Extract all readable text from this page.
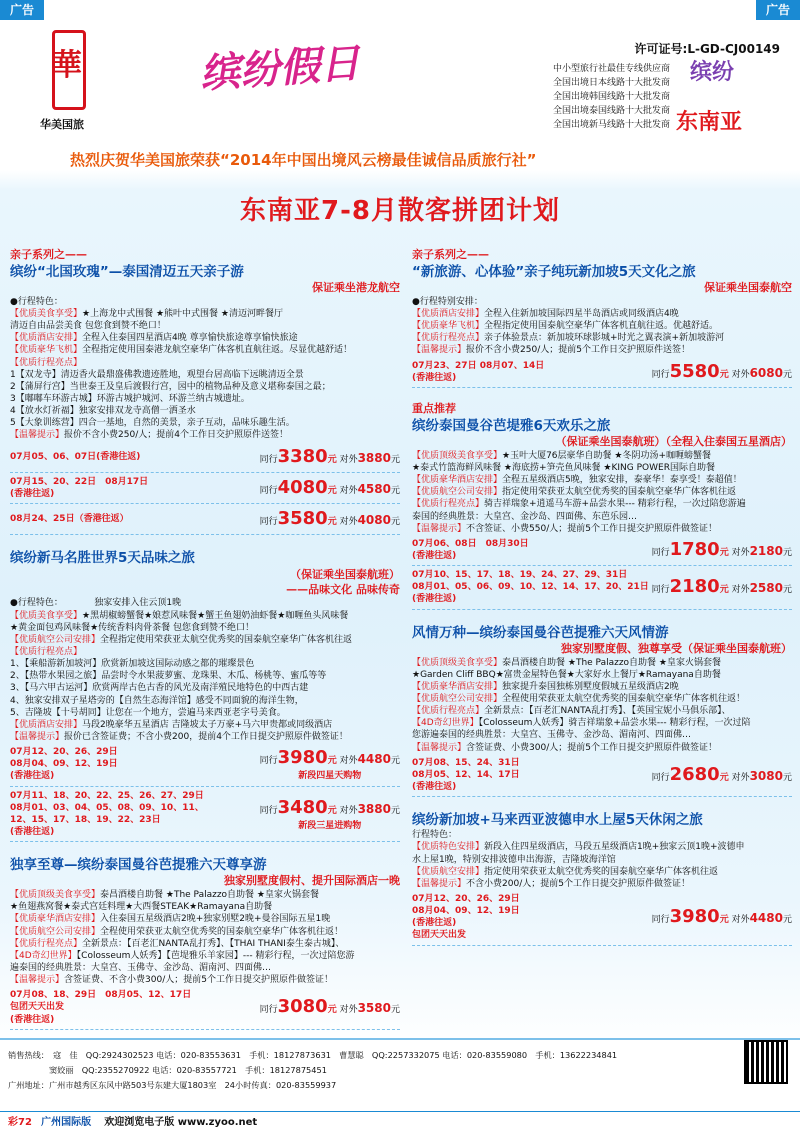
广告	广告
華
华美国旅
缤纷假日	许可证号:L-GD-CJ00149
中小型旅行社最佳专线供应商
全国出境日本线路十大批发商
全国出境韩国线路十大批发商
全国出境泰国线路十大批发商
全国出境新马线路十大批发商
缤纷
东南亚
热烈庆贺华美国旅荣获“2014年中国出境风云榜最佳诚信品质旅行社”
东南亚7-8月散客拼团计划
亲子系列之——
缤纷“北国玫瑰”—泰国清迈五天亲子游
保证乘坐港龙航空
●行程特色：
【优质美食享受】★上海龙中式围餐 ★熊叶中式围餐 ★清迈河畔餐厅
清迈自由品尝美食 包您食到赞不绝口！
【优质酒店安排】全程入住泰国四星酒店4晚 尊享愉快旅途尊享愉快旅途
【优质豪华飞机】全程指定使用国泰港龙航空豪华广体客机直航往返。尽显优越舒适！
【优质行程亮点】
1【双龙寺】清迈香火最鼎盛佛教遗迹胜地，观望台居高临下远眺清迈全景
2【蒲屏行宫】当世泰王及皇后渡假行宫，园中的植物品种及意义堪称泰国之最；
3【嘟嘟车环游古城】环游古城护城河、环游兰纳古城遗址。
4【放水灯祈福】独家安排双龙寺高僧一洒圣水
5【大象训练营】四合一基地，自然的美景，亲子互动，品味乐趣生活。
【温馨提示】报价不含小费250/人；提前4个工作日交护照原件送签！
07月05、06、07日(香港往返)	同行3380元 对外3880元
07月15、20、22日　08月17日
(香港往返)	同行4080元 对外4580元
08月24、25日（香港往返）	同行3580元 对外4080元
缤纷新马名胜世界5天品味之旅
（保证乘坐国泰航班）
——品味文化 品味传奇
●行程特色：　　　　独家安排入住云顶1晚
【优质美食享受】★黑胡椒螃蟹餐★娘惹风味餐★蟹王鱼翅奶油虾餐★咖喱鱼头风味餐
★黄金面包鸡风味餐★传统香料肉骨茶餐 包您食到赞不绝口！
【优质航空公司安排】全程指定使用荣获亚太航空优秀奖的国泰航空豪华广体客机往返
【优质行程亮点】
1、【乘船游新加坡河】欣赏新加坡这国际动感之都的璀璨景色
2、【热带水果园之旅】品尝时令水果菠萝蜜、龙珠果、木瓜、杨桃等、蜜瓜等等
3、【马六甲古运河】欣赏两岸古色古香的风光及南洋殖民地特色的中西古建
4、独家安排双子星塔旁的【自然生态海洋馆】感受不同面貌的海洋生物，
5、吉隆坡【十号胡同】让您在一个地方，尝遍马来西亚老字号美食。
【优质酒店安排】马段2晚豪华五星酒店 吉隆坡太子万豪+马六甲贵都或同级酒店
【温馨提示】报价已含签证费；不含小费200，提前4个工作日提交护照原件做签证！
07月12、20、26、29日
08月04、09、12、19日
(香港往返)
同行3980元 对外4480元
新段四星天购物
07月11、18、20、22、25、26、27、29日
08月01、03、04、05、08、09、10、11、
12、15、17、18、19、22、23日
(香港往返)
同行3480元 对外3880元
新段三星进购物
独享至尊—缤纷泰国曼谷芭提雅六天尊享游
独家别墅度假村、提升国际酒店一晚
【优质顶级美食享受】泰昌酒楼自助餐 ★The Palazzo自助餐 ★皇家火锅套餐
★鱼翅燕窝餐★泰式宫廷料理★大西餐STEAK★Ramayana自助餐
【优质豪华酒店安排】入住泰国五星级酒店2晚+独家别墅2晚+曼谷国际五星1晚
【优质航空公司安排】全程使用荣获亚太航空优秀奖的国泰航空豪华广体客机往返！
【优质行程亮点】全新景点：【百老汇NANTA乱打秀】、【THAI THANI泰生泰古城】、
【4D奇幻世界】【Colosseum人妖秀】【芭堤雅乐羊家园】--- 精彩行程，一次过陪您游
遍泰国的经典胜景：大皇宫、玉佛寺、金沙岛、湄南河、四面佛…
【温馨提示】含签证费、不含小费300/人；提前5个工作日提交护照原件做签证！
07月08、18、29日　08月05、12、17日
包团天天出发
(香港往返)
同行3080元 对外3580元
亲子系列之——
“新旅游、心体验”亲子纯玩新加坡5天文化之旅
保证乘坐国泰航空
●行程特别安排：
【优质酒店安排】全程入住新加坡国际四星半岛酒店或同级酒店4晚
【优质豪华飞机】全程指定使用国泰航空豪华广体客机直航往返。优越舒适。
【优质行程亮点】亲子体验景点：新加坡环球影城+时光之翼表演+新加坡游河
【温馨提示】报价不含小费250/人；提前5个工作日交护照原件送签！
07月23、27日 08月07、14日
(香港往返)	同行5580元 对外6080元
重点推荐
缤纷泰国曼谷芭堤雅6天欢乐之旅
（保证乘坐国泰航班）（全程入住泰国五星酒店）
【优质顶级美食享受】★玉叶大厦76层豪华自助餐 ★冬阴功汤+咖喱螃蟹餐
★泰式竹篮海鲜风味餐 ★海底捞+笋壳鱼风味餐 ★KING POWER国际自助餐
【优质豪华酒店安排】全程五星级酒店5晚，独家安排，泰豪华！泰享受！泰超值！
【优质航空公司安排】指定使用荣获亚太航空优秀奖的国泰航空豪华广体客机往返
【优质行程亮点】骑吉祥瑞象+逍遥马车游+品尝水果--- 精彩行程，一次过陪您游遍
泰国的经典胜景：大皇宫、金沙岛、四面佛、东芭乐园…
【温馨提示】不含签证、小费550/人；提前5个工作日提交护照原件做签证！
07月06、08日　08月30日
(香港往返)	同行1780元 对外2180元
07月10、15、17、18、19、24、27、29、31日
08月01、05、06、09、10、12、14、17、20、21日
(香港往返)
同行2180元 对外2580元
风情万种—缤纷泰国曼谷芭提雅六天风情游
独家别墅度假、独尊享受（保证乘坐国泰航班）
【优质顶级美食享受】泰昌酒楼自助餐 ★The Palazzo自助餐 ★皇家火锅套餐
★Garden Cliff BBQ★富贵金屋特色餐★大家好水上餐厅★Ramayana自助餐
【优质豪华酒店安排】独家提升泰国独栋别墅度假城五星级酒店2晚
【优质航空公司安排】全程使用荣获亚太航空优秀奖的国泰航空豪华广体客机往返！
【优质行程亮点】全新景点：【百老汇NANTA乱打秀】、【英国宝妮小马俱乐部】、
【4D奇幻世界】【Colosseum人妖秀】骑吉祥瑞象+品尝水果--- 精彩行程，一次过陪
您游遍泰国的经典胜景：大皇宫、玉佛寺、金沙岛、湄南河、四面佛…
【温馨提示】含签证费、小费300/人；提前5个工作日提交护照原件做签证！
07月08、15、24、31日
08月05、12、14、17日
(香港往返)
同行2680元 对外3080元
缤纷新加坡+马来西亚波德申水上屋5天休闲之旅
行程特色：
【优质特色安排】新段入住四星级酒店，马段五星级酒店1晚+独家云顶1晚+波德申
水上屋1晚，特别安排波德申出海游，吉隆坡海洋馆
【优质航空安排】指定使用荣获亚太航空优秀奖的国泰航空豪华广体客机往返
【温馨提示】不含小费200/人；提前5个工作日提交护照原件做签证！
07月12、20、26、29日
08月04、09、12、19日
(香港往返)
包团天天出发
同行3980元 对外4480元
销售热线：　寇　佳　QQ:2924302523 电话：020-83553631　手机：18127873631　曹慧聪　QQ:2257332075 电话：020-83559080　手机：13622234841
　　　　　窦姣丽　QQ:2355270922 电话：020-83557721　手机：18127875451
广州地址：广州市越秀区东风中路503号东建大厦1803室　24小时传真：020-83559937
彩72 广州国际版 欢迎浏览电子版 www.zyoo.net
